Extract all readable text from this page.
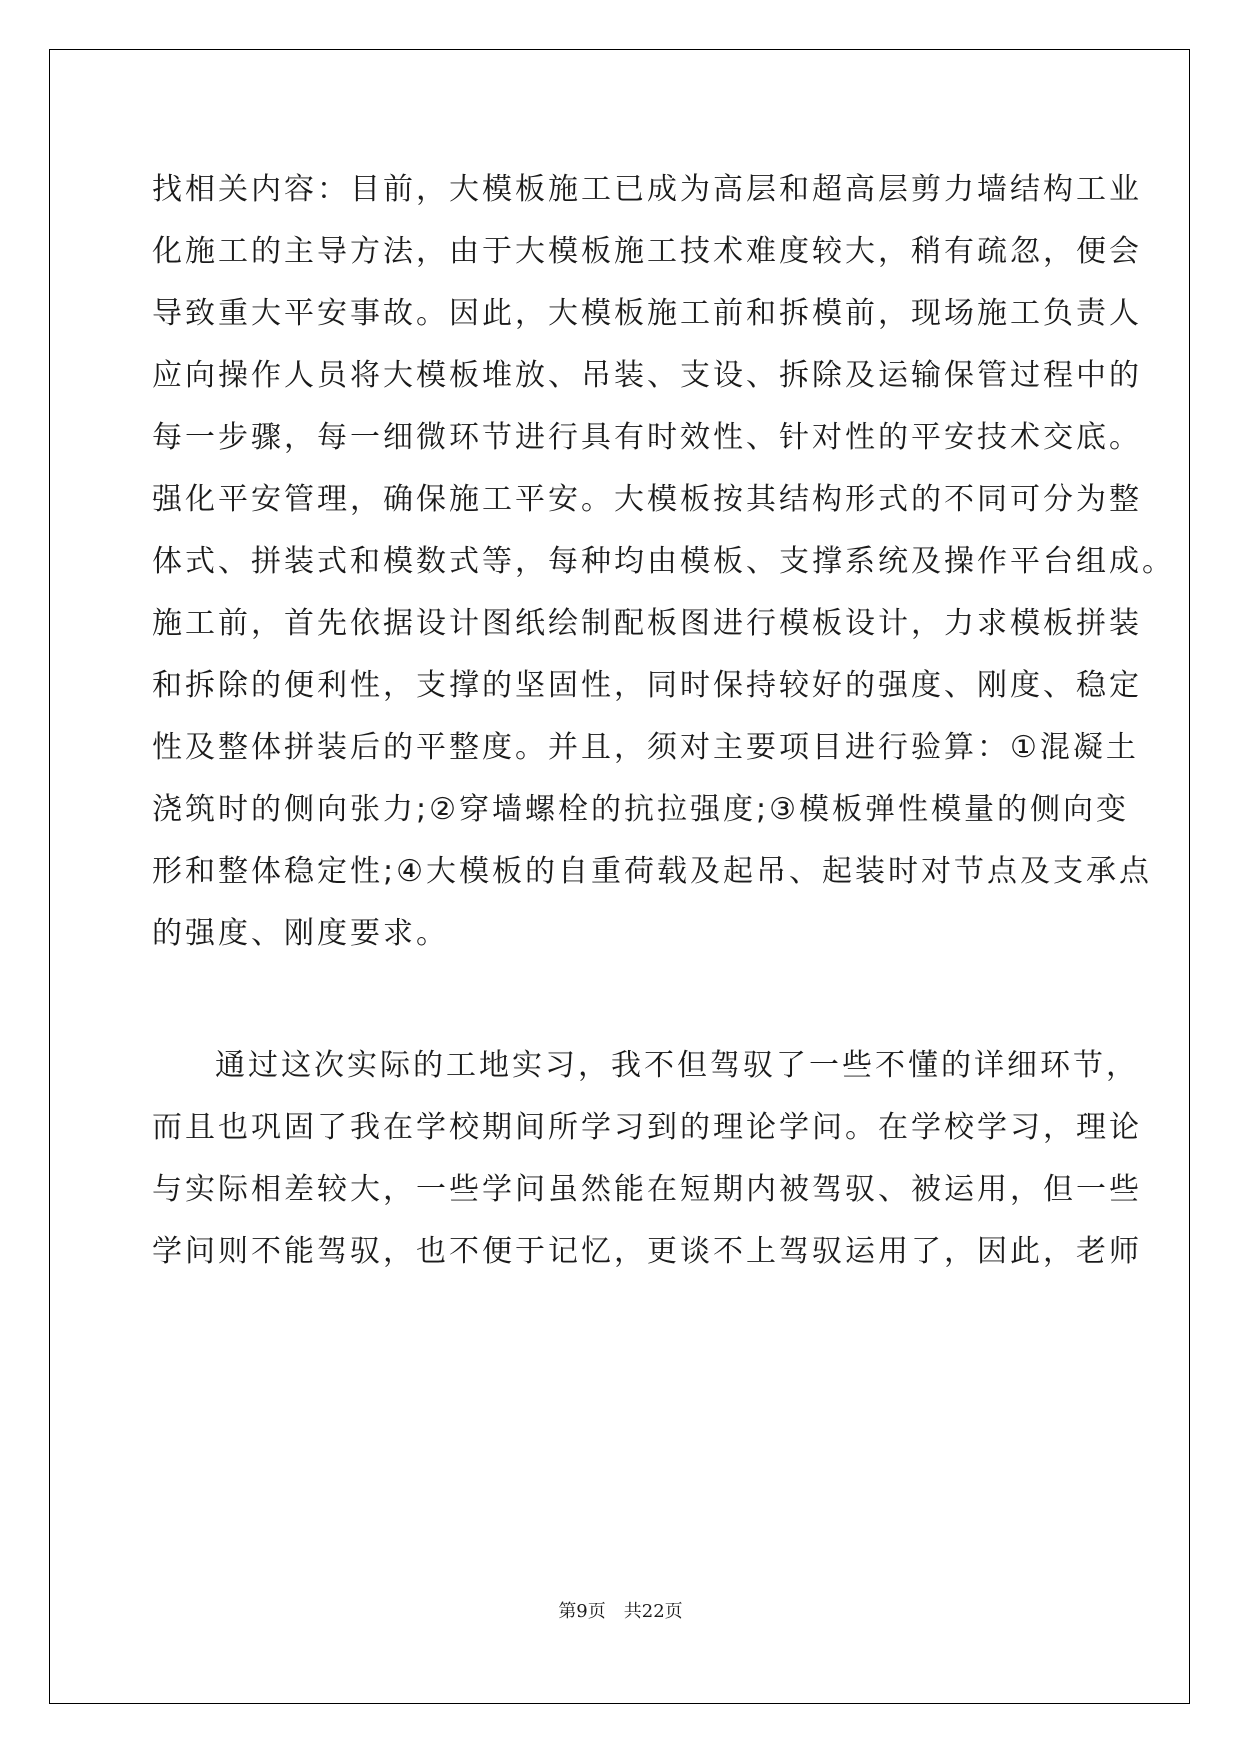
找相关内容：目前，大模板施工已成为高层和超高层剪力墙结构工业
化施工的主导方法，由于大模板施工技术难度较大，稍有疏忽，便会
导致重大平安事故。因此，大模板施工前和拆模前，现场施工负责人
应向操作人员将大模板堆放、吊装、支设、拆除及运输保管过程中的
每一步骤，每一细微环节进行具有时效性、针对性的平安技术交底。
强化平安管理，确保施工平安。大模板按其结构形式的不同可分为整
体式、拼装式和模数式等，每种均由模板、支撑系统及操作平台组成。
施工前，首先依据设计图纸绘制配板图进行模板设计，力求模板拼装
和拆除的便利性，支撑的坚固性，同时保持较好的强度、刚度、稳定
性及整体拼装后的平整度。并且，须对主要项目进行验算：①混凝土
浇筑时的侧向张力;②穿墙螺栓的抗拉强度;③模板弹性模量的侧向变
形和整体稳定性;④大模板的自重荷载及起吊、起装时对节点及支承点
的强度、刚度要求。
通过这次实际的工地实习，我不但驾驭了一些不懂的详细环节，
而且也巩固了我在学校期间所学习到的理论学问。在学校学习，理论
与实际相差较大，一些学问虽然能在短期内被驾驭、被运用，但一些
学问则不能驾驭，也不便于记忆，更谈不上驾驭运用了，因此，老师
第9页 共22页
